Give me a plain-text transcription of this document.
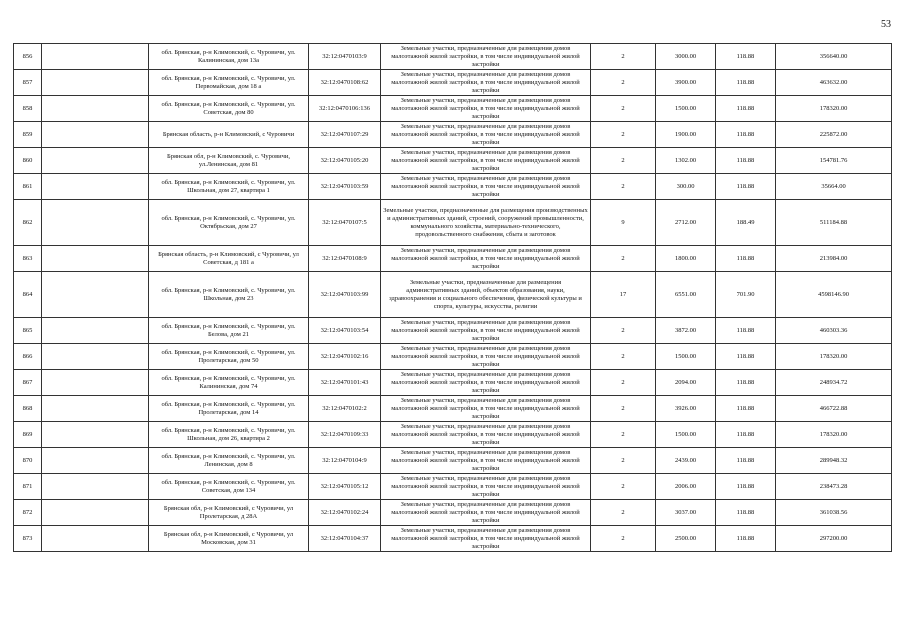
53
856		обл. Брянская, р-н Климовский, с. Чуровичи, ул. Калининская, дом 13а	32:12:0470103:9	Земельные участки, предназначенные для размещения домов малоэтажной жилой застройки, в том числе индивидуальной жилой застройки	2	3000.00	118.88	356640.00
857		обл. Брянская, р-н Климовский, с. Чуровичи, ул. Первомайская, дом 18 а	32:12:0470108:62	Земельные участки, предназначенные для размещения домов малоэтажной жилой застройки, в том числе индивидуальной жилой застройки	2	3900.00	118.88	463632.00
858		обл. Брянская, р-н Климовский, с. Чуровичи, ул. Советская, дом 80	32:12:0470106:136	Земельные участки, предназначенные для размещения домов малоэтажной жилой застройки, в том числе индивидуальной жилой застройки	2	1500.00	118.88	178320.00
859		Брянская область, р-н Климовский, с Чуровичи	32:12:0470107:29	Земельные участки, предназначенные для размещения домов малоэтажной жилой застройки, в том числе индивидуальной жилой застройки	2	1900.00	118.88	225872.00
860		Брянская обл, р-н Климовский, с. Чуровичи, ул.Ленинская, дом 81	32:12:0470105:20	Земельные участки, предназначенные для размещения домов малоэтажной жилой застройки, в том числе индивидуальной жилой застройки	2	1302.00	118.88	154781.76
861		обл. Брянская, р-н Климовский, с. Чуровичи, ул. Школьная, дом 27, квартира 1	32:12:0470103:59	Земельные участки, предназначенные для размещения домов малоэтажной жилой застройки, в том числе индивидуальной жилой застройки	2	300.00	118.88	35664.00
862		обл. Брянская, р-н Климовский, с. Чуровичи, ул. Октябрьская, дом 27	32:12:0470107:5	Земельные участки, предназначенные для размещения производственных и административных зданий, строений, сооружений промышленности, коммунального хозяйства, материально-технического, продовольственного снабжения, сбыта и заготовок	9	2712.00	188.49	511184.88
863		Брянская область, р-н Климовский, с Чуровичи, ул Советская, д 181 а	32:12:0470108:9	Земельные участки, предназначенные для размещения домов малоэтажной жилой застройки, в том числе индивидуальной жилой застройки	2	1800.00	118.88	213984.00
864		обл. Брянская, р-н Климовский, с. Чуровичи, ул. Школьная, дом 23	32:12:0470103:99	Земельные участки, предназначенные для размещения административных зданий, объектов образования, науки, здравоохранения и социального обеспечения, физической культуры и спорта, культуры, искусства, религии	17	6551.00	701.90	4598146.90
865		обл. Брянская, р-н Климовский, с. Чуровичи, ул. Белова, дом 21	32:12:0470103:54	Земельные участки, предназначенные для размещения домов малоэтажной жилой застройки, в том числе индивидуальной жилой застройки	2	3872.00	118.88	460303.36
866		обл. Брянская, р-н Климовский, с. Чуровичи, ул. Пролетарская, дом 50	32:12:0470102:16	Земельные участки, предназначенные для размещения домов малоэтажной жилой застройки, в том числе индивидуальной жилой застройки	2	1500.00	118.88	178320.00
867		обл. Брянская, р-н Климовский, с. Чуровичи, ул. Калининская, дом 74	32:12:0470101:43	Земельные участки, предназначенные для размещения домов малоэтажной жилой застройки, в том числе индивидуальной жилой застройки	2	2094.00	118.88	248934.72
868		обл. Брянская, р-н Климовский, с. Чуровичи, ул. Пролетарская, дом 14	32:12:0470102:2	Земельные участки, предназначенные для размещения домов малоэтажной жилой застройки, в том числе индивидуальной жилой застройки	2	3926.00	118.88	466722.88
869		обл. Брянская, р-н Климовский, с. Чуровичи, ул. Школьная, дом 26, квартира 2	32:12:0470109:33	Земельные участки, предназначенные для размещения домов малоэтажной жилой застройки, в том числе индивидуальной жилой застройки	2	1500.00	118.88	178320.00
870		обл. Брянская, р-н Климовский, с. Чуровичи, ул. Ленинская, дом 8	32:12:0470104:9	Земельные участки, предназначенные для размещения домов малоэтажной жилой застройки, в том числе индивидуальной жилой застройки	2	2439.00	118.88	289948.32
871		обл. Брянская, р-н Климовский, с. Чуровичи, ул. Советская, дом 134	32:12:0470105:12	Земельные участки, предназначенные для размещения домов малоэтажной жилой застройки, в том числе индивидуальной жилой застройки	2	2006.00	118.88	238473.28
872		Брянская обл, р-н Климовский, с Чуровичи, ул Пролетарская, д 28А	32:12:0470102:24	Земельные участки, предназначенные для размещения домов малоэтажной жилой застройки, в том числе индивидуальной жилой застройки	2	3037.00	118.88	361038.56
873		Брянская обл, р-н Климовский, с Чуровичи, ул Московская, дом 31	32:12:0470104:37	Земельные участки, предназначенные для размещения домов малоэтажной жилой застройки, в том числе индивидуальной жилой застройки	2	2500.00	118.88	297200.00
